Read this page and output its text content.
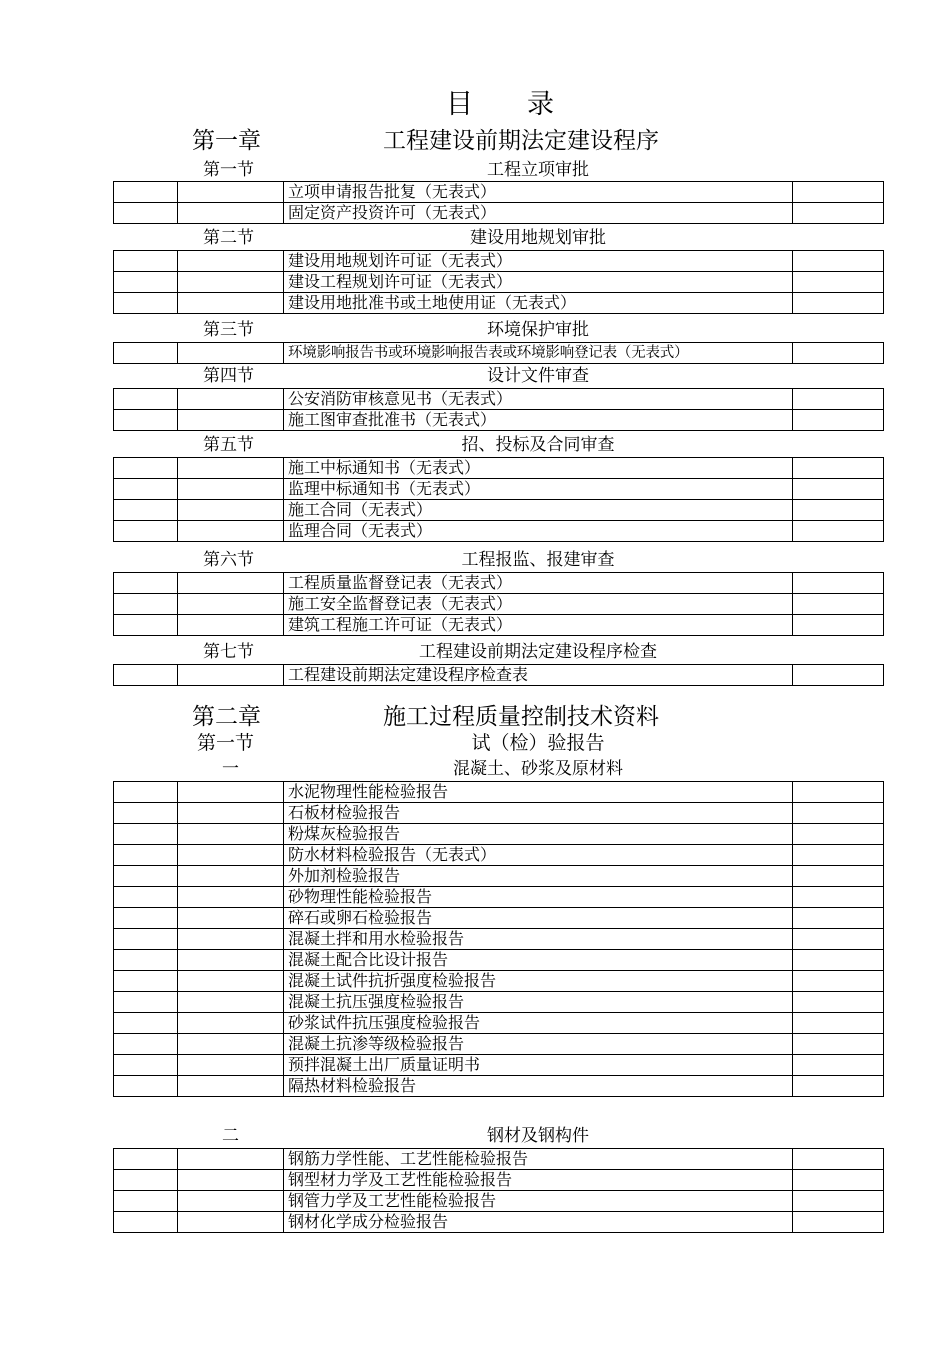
目　　录
第一章	工程建设前期法定建设程序
第一节	工程立项审批
		立项申请报告批复（无表式）	
		固定资产投资许可（无表式）	
第二节	建设用地规划审批
		建设用地规划许可证（无表式）	
		建设工程规划许可证（无表式）	
		建设用地批准书或土地使用证（无表式）	
第三节	环境保护审批
		环境影响报告书或环境影响报告表或环境影响登记表（无表式）	
第四节	设计文件审查
		公安消防审核意见书（无表式）	
		施工图审查批准书（无表式）	
第五节	招、投标及合同审查
		施工中标通知书（无表式）	
		监理中标通知书（无表式）	
		施工合同（无表式）	
		监理合同（无表式）	
第六节	工程报监、报建审查
		工程质量监督登记表（无表式）	
		施工安全监督登记表（无表式）	
		建筑工程施工许可证（无表式）	
第七节	工程建设前期法定建设程序检查
		工程建设前期法定建设程序检查表	
第二章	施工过程质量控制技术资料
第一节	试（检）验报告
一	混凝土、砂浆及原材料
		水泥物理性能检验报告	
		石板材检验报告	
		粉煤灰检验报告	
		防水材料检验报告（无表式）	
		外加剂检验报告	
		砂物理性能检验报告	
		碎石或卵石检验报告	
		混凝土拌和用水检验报告	
		混凝土配合比设计报告	
		混凝土试件抗折强度检验报告	
		混凝土抗压强度检验报告	
		砂浆试件抗压强度检验报告	
		混凝土抗渗等级检验报告	
		预拌混凝土出厂质量证明书	
		隔热材料检验报告	
二	钢材及钢构件
		钢筋力学性能、工艺性能检验报告	
		钢型材力学及工艺性能检验报告	
		钢管力学及工艺性能检验报告	
		钢材化学成分检验报告	
